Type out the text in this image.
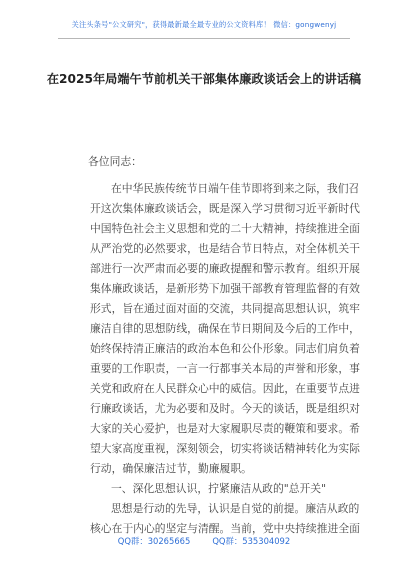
关注头条号"公文研究"，获得最新最全最专业的公文资料库！ 微信：gongwenyj
在2025年局端午节前机关干部集体廉政谈话会上的讲话稿
各位同志：
在中华民族传统节日端午佳节即将到来之际，我们召
开这次集体廉政谈话会，既是深入学习贯彻习近平新时代
中国特色社会主义思想和党的二十大精神，持续推进全面
从严治党的必然要求，也是结合节日特点，对全体机关干
部进行一次严肃而必要的廉政提醒和警示教育。组织开展
集体廉政谈话，是新形势下加强干部教育管理监督的有效
形式，旨在通过面对面的交流，共同提高思想认识，筑牢
廉洁自律的思想防线，确保在节日期间及今后的工作中，
始终保持清正廉洁的政治本色和公仆形象。同志们肩负着
重要的工作职责，一言一行都事关本局的声誉和形象，事
关党和政府在人民群众心中的威信。因此，在重要节点进
行廉政谈话，尤为必要和及时。今天的谈话，既是组织对
大家的关心爱护，也是对大家履职尽责的鞭策和要求。希
望大家高度重视，深刻领会，切实将谈话精神转化为实际
行动，确保廉洁过节，勤廉履职。
一、深化思想认识，拧紧廉洁从政的"总开关"
思想是行动的先导，认识是自觉的前提。廉洁从政的
核心在于内心的坚定与清醒。当前，党中央持续推进全面
QQ群：30265665	QQ群：535304092
